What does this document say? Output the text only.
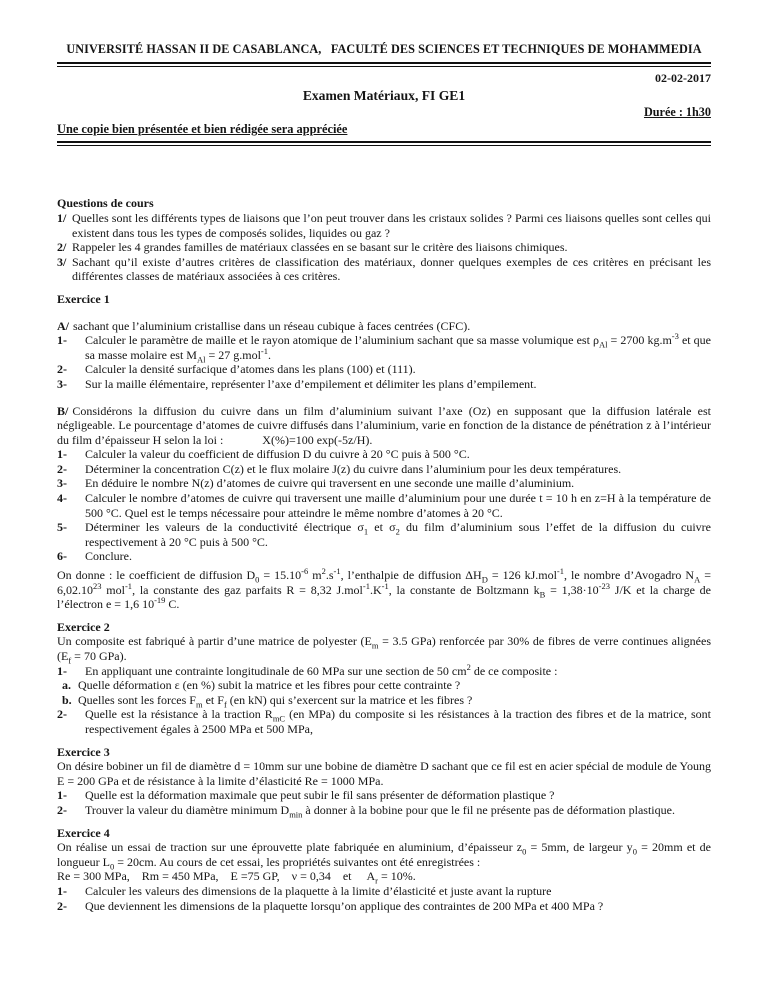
UNIVERSITÉ HASSAN II DE CASABLANCA,   FACULTÉ DES SCIENCES ET TECHNIQUES DE MOHAMMEDIA
02-02-2017
Examen Matériaux, FI GE1
Durée : 1h30
Une copie bien présentée et bien rédigée sera appréciée
Questions de cours
1/ Quelles sont les différents types de liaisons que l’on peut trouver dans les cristaux solides ? Parmi ces liaisons quelles sont celles qui existent dans tous les types de composés solides, liquides ou gaz ?
2/ Rappeler les 4 grandes familles de matériaux classées en se basant sur le critère des liaisons chimiques.
3/ Sachant qu’il existe d’autres critères de classification des matériaux, donner quelques exemples de ces critères en précisant les différentes classes de matériaux associées à ces critères.
Exercice 1
A/ sachant que l’aluminium cristallise dans un réseau cubique à faces centrées (CFC).
1-	Calculer le paramètre de maille et le rayon atomique de l’aluminium sachant que sa masse volumique est $\rho_{Al} = 2700$ $kg.m^{-3}$ et que sa masse molaire est $M_{Al} = 27$ g.mol$^{-1}$.
2-	Calculer la densité surfacique d’atomes dans les plans (100) et (111).
3-	Sur la maille élémentaire, représenter l’axe d’empilement et délimiter les plans d’empilement.
B/ Considérons la diffusion du cuivre dans un film d’aluminium suivant l’axe (Oz) en supposant que la diffusion latérale est négligeable. Le pourcentage d’atomes de cuivre diffusés dans l’aluminium, varie en fonction de la distance de pénétration z à l’intérieur du film d’épaisseur H selon la loi :             X(%)=100 exp(-5z/H).
1-	Calculer la valeur du coefficient de diffusion D du cuivre à 20 °C puis à 500 °C.
2-	Déterminer la concentration C(z) et le flux molaire J(z) du cuivre dans l’aluminium pour les deux températures.
3-	En déduire le nombre N(z) d’atomes de cuivre qui traversent en une seconde une maille d’aluminium.
4-	Calculer le nombre d’atomes de cuivre qui traversent une maille d’aluminium pour une durée t = 10 h en z=H à la température de 500 °C. Quel est le temps nécessaire pour atteindre le même nombre d’atomes à 20 °C.
5-	Déterminer les valeurs de la conductivité électrique $\sigma_1$ et $\sigma_2$ du film d’aluminium sous l’effet de la diffusion du cuivre respectivement à 20 °C puis à 500 °C.
6-	Conclure.
On donne : le coefficient de diffusion $D_0 = 15.10^{-6}$ $m^2.s^{-1}$, l’enthalpie de diffusion $\Delta H_D = 126$ kJ.mol$^{-1}$, le nombre d’Avogadro $N_A = 6,02.10^{23}$ mol$^{-1}$, la constante des gaz parfaits R = 8,32 $J.mol^{-1}.K^{-1}$, la constante de Boltzmann $k_B = 1,38\cdot 10^{-23}$ J/K et la charge de l’électron e = 1,6 $10^{-19}$ C.
Exercice 2
Un composite est fabriqué à partir d’une matrice de polyester ($E_m = 3.5$ GPa) renforcée par 30% de fibres de verre continues alignées ($E_f = 70$ GPa).
1-	En appliquant une contrainte longitudinale de 60 MPa sur une section de 50 $cm^2$ de ce composite :
a. Quelle déformation ε (en %) subit la matrice et les fibres pour cette contrainte ?
b. Quelles sont les forces $F_m$ et $F_f$ (en kN) qui s’exercent sur la matrice et les fibres ?
2-	Quelle est la résistance à la traction $R_{mC}$ (en MPa) du composite si les résistances à la traction des fibres et de la matrice, sont respectivement égales à 2500 MPa et 500 MPa,
Exercice 3
On désire bobiner un fil de diamètre d = 10mm sur une bobine de diamètre D sachant que ce fil est en acier spécial de module de Young E = 200 GPa et de résistance à la limite d’élasticité Re = 1000 MPa.
1-	Quelle est la déformation maximale que peut subir le fil sans présenter de déformation plastique ?
2-	Trouver la valeur du diamètre minimum $D_{min}$ à donner à la bobine pour que le fil ne présente pas de déformation plastique.
Exercice 4
On réalise un essai de traction sur une éprouvette plate fabriquée en aluminium, d’épaisseur $z_0 = 5mm$, de largeur $y_0 = 20mm$ et de longueur $L_0 = 20cm$. Au cours de cet essai, les propriétés suivantes ont été enregistrées :
Re = 300 MPa,    Rm = 450 MPa,    E =75 GP,    ν = 0,34    et     $A_r = 10\%$.
1-	Calculer les valeurs des dimensions de la plaquette à la limite d’élasticité et juste avant la rupture
2-	Que deviennent les dimensions de la plaquette lorsqu’on applique des contraintes de 200 MPa et 400 MPa ?
